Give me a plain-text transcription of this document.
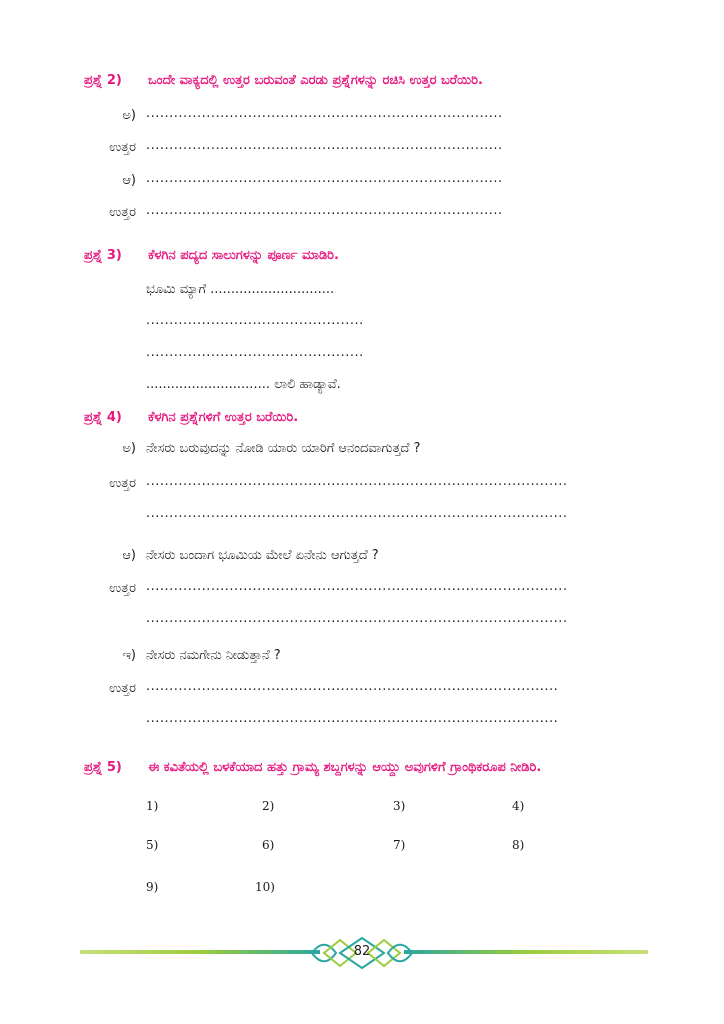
ಪ್ರಶ್ನೆ 2) ಒಂದೇ ವಾಕ್ಯದಲ್ಲಿ ಉತ್ತರ ಬರುವಂತೆ ಎರಡು ಪ್ರಶ್ನೆಗಳನ್ನು ರಚಿಸಿ ಉತ್ತರ ಬರೆಯಿರಿ.
ಅ) .............................................................................
ಉತ್ತರ .............................................................................
ಆ) .............................................................................
ಉತ್ತರ .............................................................................
ಪ್ರಶ್ನೆ 3) ಕೆಳಗಿನ ಪದ್ಯದ ಸಾಲುಗಳನ್ನು ಪೂರ್ಣ ಮಾಡಿರಿ.
ಭೂಮಿ ಮ್ಯಾಗೆ ..............................
...............................................
...............................................
.............................. ಲಾಲಿ ಹಾಡ್ಯಾವೆ.
ಪ್ರಶ್ನೆ 4) ಕೆಳಗಿನ ಪ್ರಶ್ನೆಗಳಿಗೆ ಉತ್ತರ ಬರೆಯಿರಿ.
ಅ) ನೇಸರು ಬರುವುದನ್ನು ನೋಡಿ ಯಾರು ಯಾರಿಗೆ ಆನಂದವಾಗುತ್ತದೆ ?
ಉತ್ತರ ...........................................................................................
...........................................................................................
ಆ) ನೇಸರು ಬಂದಾಗ ಭೂಮಿಯ ಮೇಲೆ ಏನೇನು ಆಗುತ್ತದೆ ?
ಉತ್ತರ ...........................................................................................
...........................................................................................
ಇ) ನೇಸರು ನಮಗೇನು ನೀಡುತ್ತಾನೆ ?
ಉತ್ತರ .........................................................................................
.........................................................................................
ಪ್ರಶ್ನೆ 5) ಈ ಕವಿತೆಯಲ್ಲಿ ಬಳಕೆಯಾದ ಹತ್ತು ಗ್ರಾಮ್ಯ ಶಬ್ದಗಳನ್ನು ಆಯ್ದು ಅವುಗಳಿಗೆ ಗ್ರಾಂಥಿಕರೂಪ ನೀಡಿರಿ.
1)	2)	3)	4)
5)	6)	7)	8)
9)	10)
82
